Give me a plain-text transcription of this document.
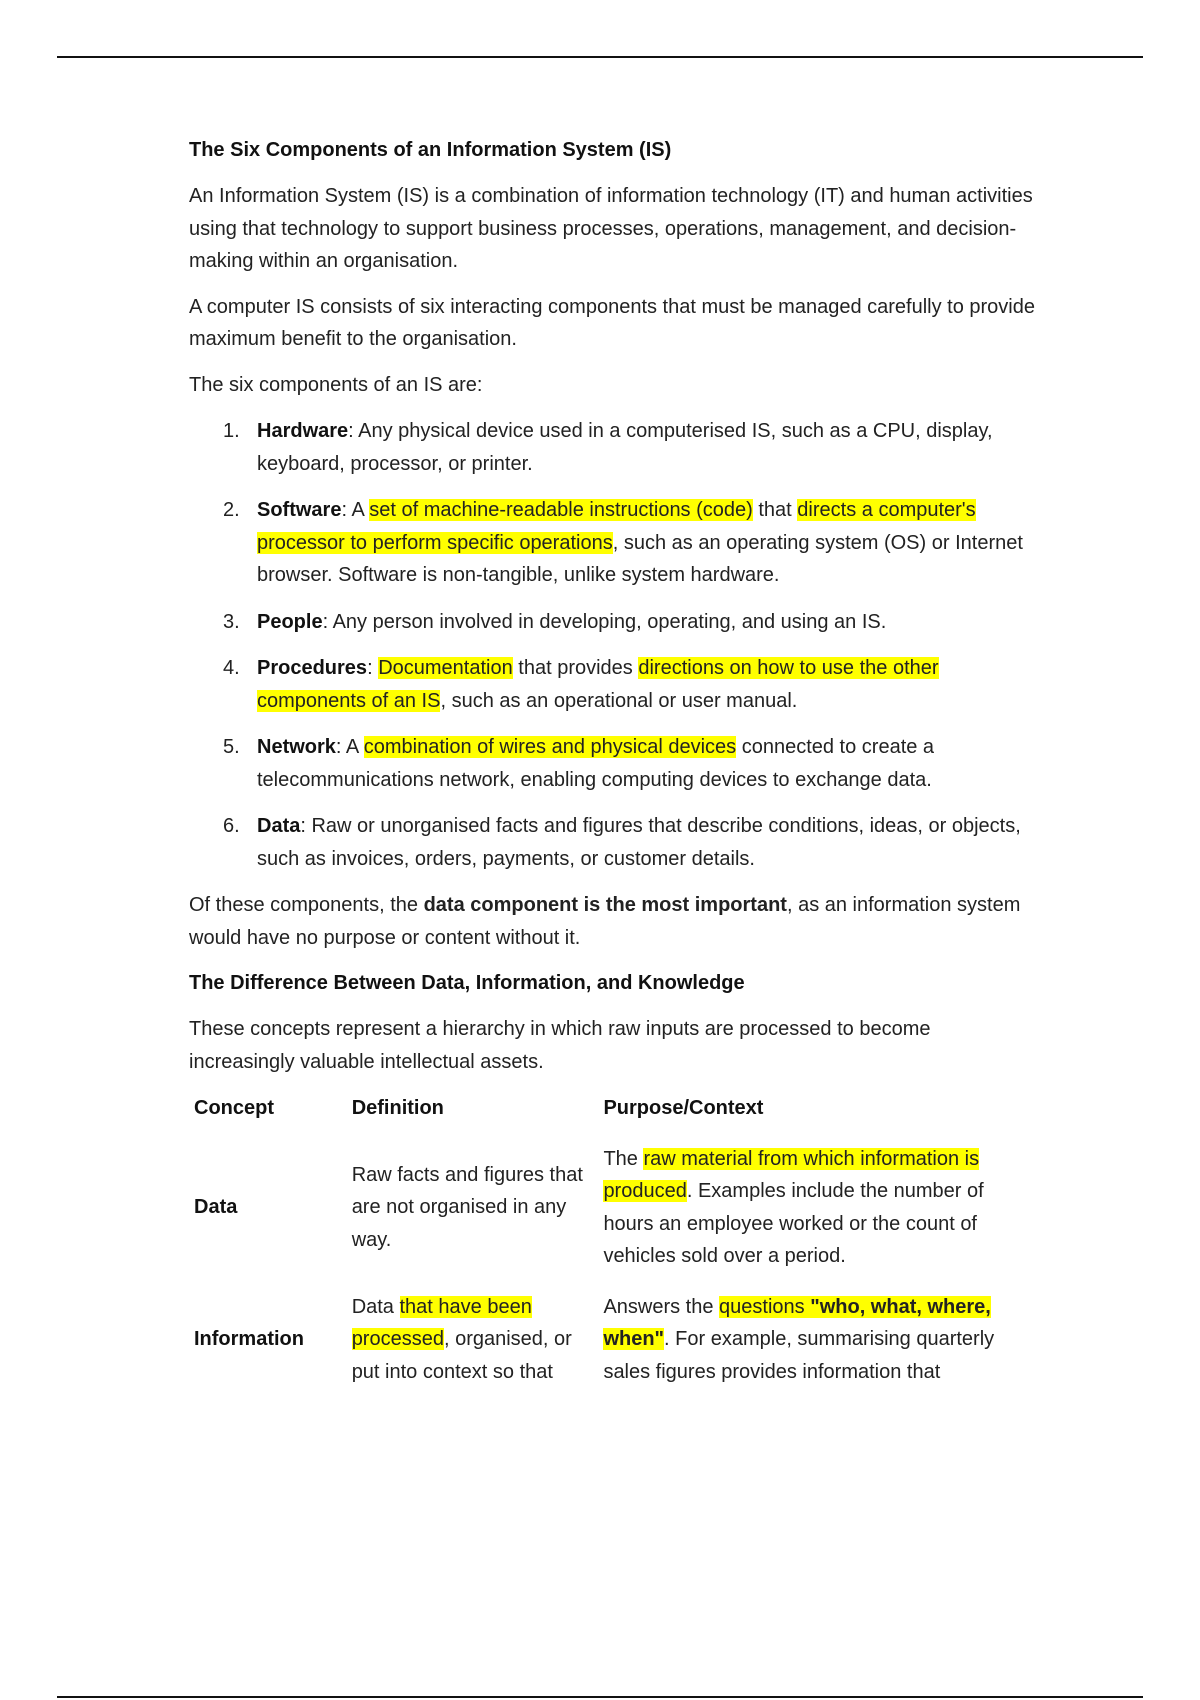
The Six Components of an Information System (IS)

An Information System (IS) is a combination of information technology (IT) and human activities using that technology to support business processes, operations, management, and decision-making within an organisation.

A computer IS consists of six interacting components that must be managed carefully to provide maximum benefit to the organisation.

The six components of an IS are:

1. Hardware: Any physical device used in a computerised IS, such as a CPU, display, keyboard, processor, or printer.
2. Software: A set of machine-readable instructions (code) that directs a computer's processor to perform specific operations, such as an operating system (OS) or Internet browser. Software is non-tangible, unlike system hardware.
3. People: Any person involved in developing, operating, and using an IS.
4. Procedures: Documentation that provides directions on how to use the other components of an IS, such as an operational or user manual.
5. Network: A combination of wires and physical devices connected to create a telecommunications network, enabling computing devices to exchange data.
6. Data: Raw or unorganised facts and figures that describe conditions, ideas, or objects, such as invoices, orders, payments, or customer details.

Of these components, the data component is the most important, as an information system would have no purpose or content without it.

The Difference Between Data, Information, and Knowledge

These concepts represent a hierarchy in which raw inputs are processed to become increasingly valuable intellectual assets.

Concept	Definition	Purpose/Context
Data	Raw facts and figures that are not organised in any way.	The raw material from which information is produced. Examples include the number of hours an employee worked or the count of vehicles sold over a period.
Information	Data that have been processed, organised, or put into context so that	Answers the questions "who, what, where, when". For example, summarising quarterly sales figures provides information that
